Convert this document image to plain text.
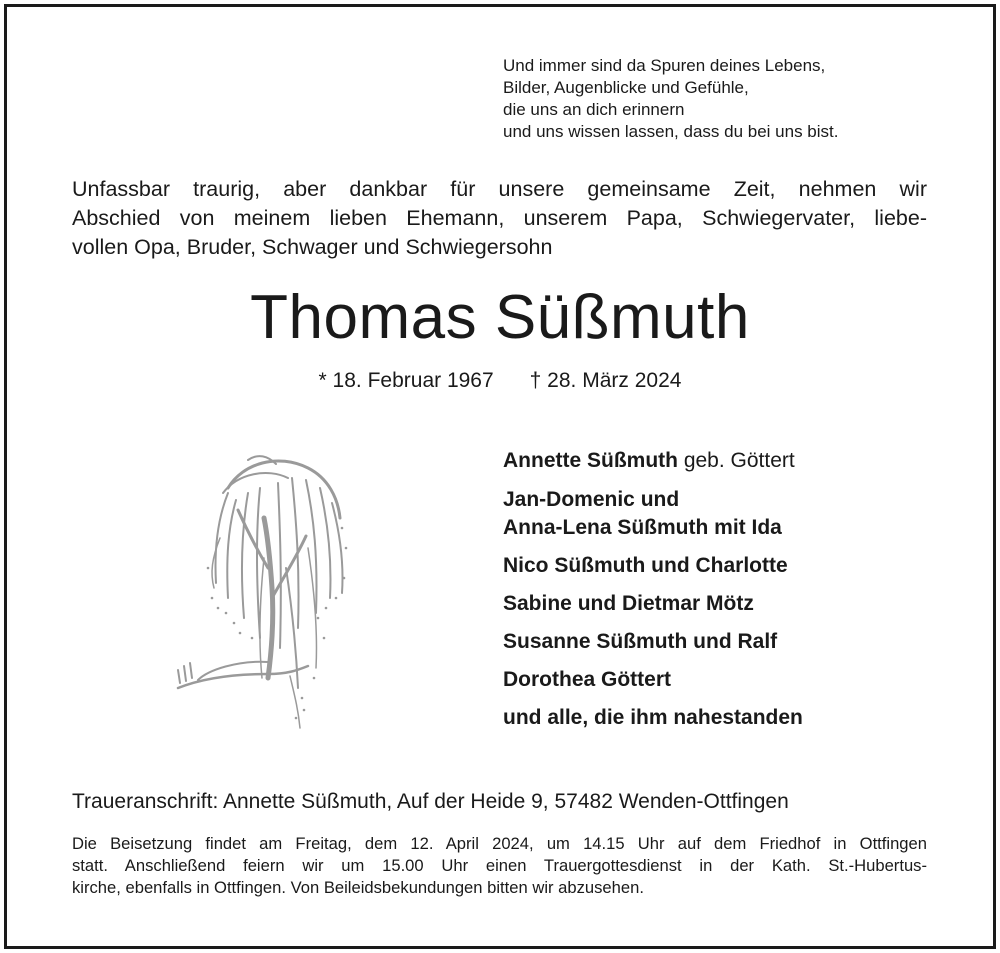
Und immer sind da Spuren deines Lebens,
Bilder, Augenblicke und Gefühle,
die uns an dich erinnern
und uns wissen lassen, dass du bei uns bist.
Unfassbar traurig, aber dankbar für unsere gemeinsame Zeit, nehmen wir
Abschied von meinem lieben Ehemann, unserem Papa, Schwiegervater, liebe-
vollen Opa, Bruder, Schwager und Schwiegersohn
Thomas Süßmuth
* 18. Februar 1967 † 28. März 2024
Annette Süßmuth geb. Göttert
Jan-Domenic und
Anna-Lena Süßmuth mit Ida
Nico Süßmuth und Charlotte
Sabine und Dietmar Mötz
Susanne Süßmuth und Ralf
Dorothea Göttert
und alle, die ihm nahestanden
Traueranschrift: Annette Süßmuth, Auf der Heide 9, 57482 Wenden-Ottfingen
Die Beisetzung findet am Freitag, dem 12. April 2024, um 14.15 Uhr auf dem Friedhof in Ottfingen
statt. Anschließend feiern wir um 15.00 Uhr einen Trauergottesdienst in der Kath. St.-Hubertus-
kirche, ebenfalls in Ottfingen. Von Beileidsbekundungen bitten wir abzusehen.
